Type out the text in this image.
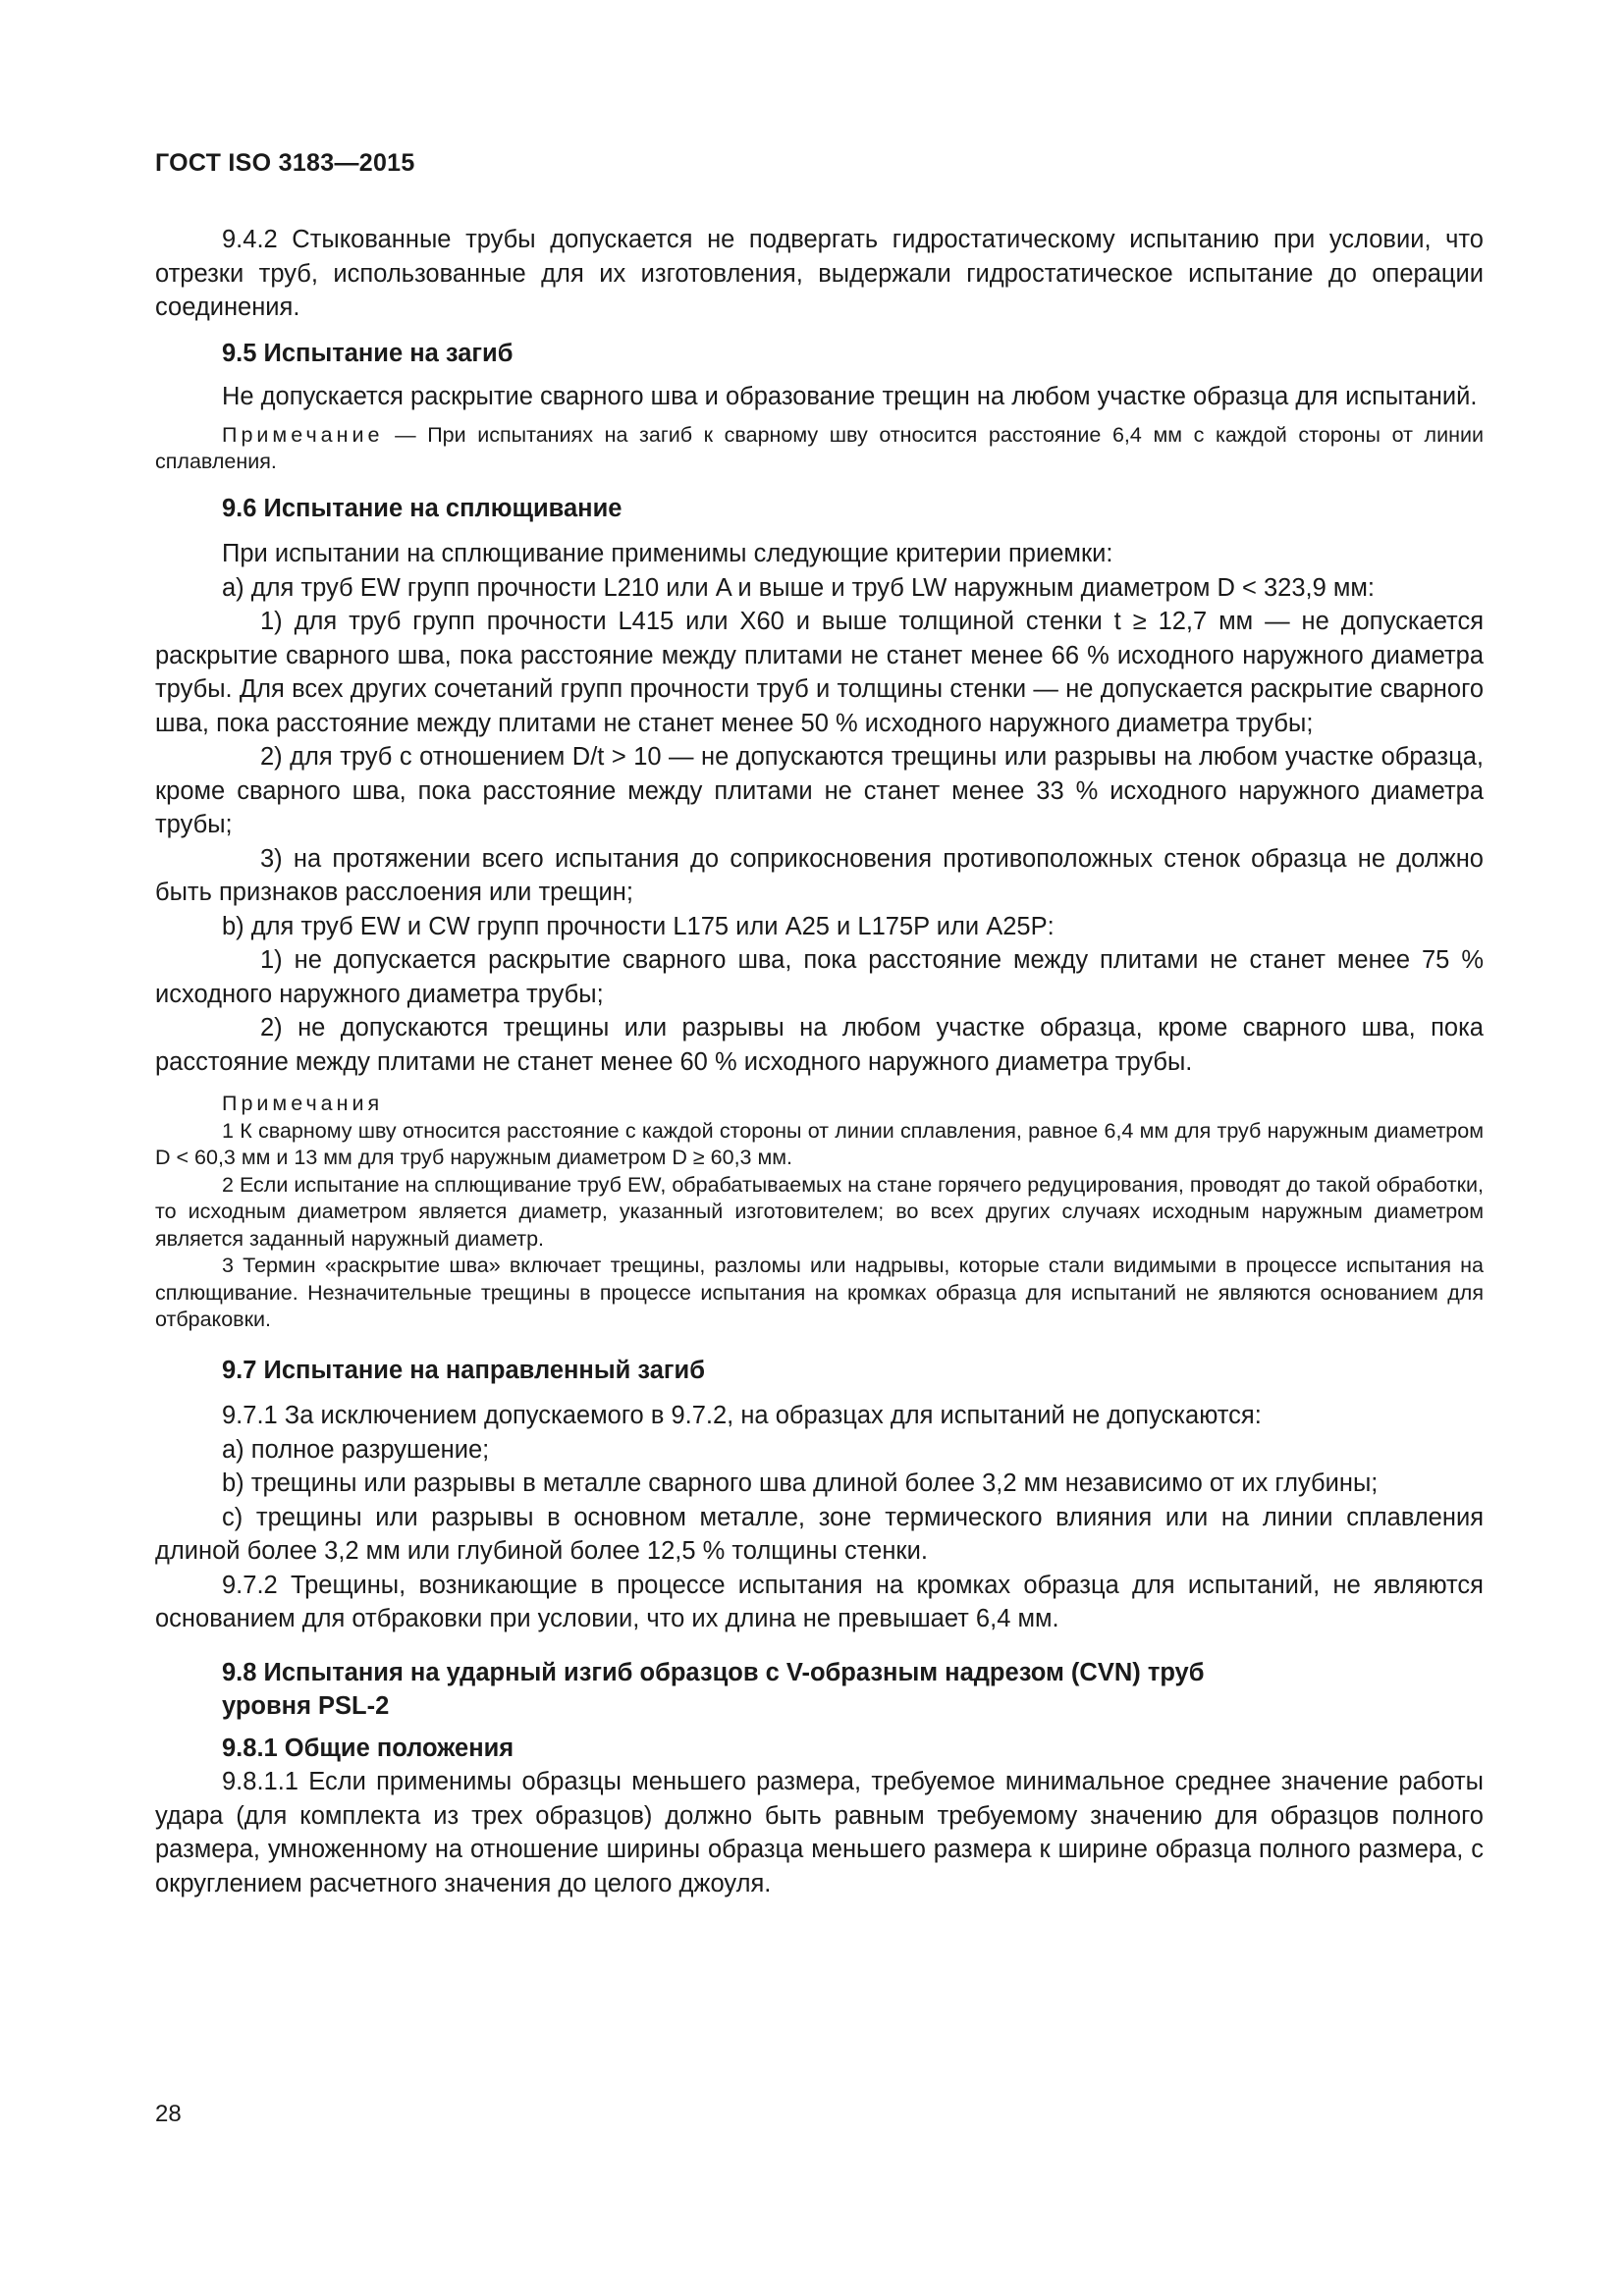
ГОСТ ISO 3183—2015

9.4.2 Стыкованные трубы допускается не подвергать гидростатическому испытанию при условии, что отрезки труб, использованные для их изготовления, выдержали гидростатическое испытание до операции соединения.

9.5 Испытание на загиб

Не допускается раскрытие сварного шва и образование трещин на любом участке образца для испытаний.

Примечание — При испытаниях на загиб к сварному шву относится расстояние 6,4 мм с каждой стороны от линии сплавления.

9.6 Испытание на сплющивание

При испытании на сплющивание применимы следующие критерии приемки:

a) для труб EW групп прочности L210 или A и выше и труб LW наружным диаметром D < 323,9 мм:

1) для труб групп прочности L415 или X60 и выше толщиной стенки t ≥ 12,7 мм — не допускается раскрытие сварного шва, пока расстояние между плитами не станет менее 66 % исходного наружного диаметра трубы. Для всех других сочетаний групп прочности труб и толщины стенки — не допускается раскрытие сварного шва, пока расстояние между плитами не станет менее 50 % исходного наружного диаметра трубы;

2) для труб с отношением D/t > 10 — не допускаются трещины или разрывы на любом участке образца, кроме сварного шва, пока расстояние между плитами не станет менее 33 % исходного наружного диаметра трубы;

3) на протяжении всего испытания до соприкосновения противоположных стенок образца не должно быть признаков расслоения или трещин;

b) для труб EW и CW групп прочности L175 или A25 и L175P или A25P:

1) не допускается раскрытие сварного шва, пока расстояние между плитами не станет менее 75 % исходного наружного диаметра трубы;

2) не допускаются трещины или разрывы на любом участке образца, кроме сварного шва, пока расстояние между плитами не станет менее 60 % исходного наружного диаметра трубы.

Примечания

1 К сварному шву относится расстояние с каждой стороны от линии сплавления, равное 6,4 мм для труб наружным диаметром D < 60,3 мм и 13 мм для труб наружным диаметром D ≥ 60,3 мм.

2 Если испытание на сплющивание труб EW, обрабатываемых на стане горячего редуцирования, проводят до такой обработки, то исходным диаметром является диаметр, указанный изготовителем; во всех других случаях исходным наружным диаметром является заданный наружный диаметр.

3 Термин «раскрытие шва» включает трещины, разломы или надрывы, которые стали видимыми в процессе испытания на сплющивание. Незначительные трещины в процессе испытания на кромках образца для испытаний не являются основанием для отбраковки.

9.7 Испытание на направленный загиб

9.7.1 За исключением допускаемого в 9.7.2, на образцах для испытаний не допускаются:

a) полное разрушение;

b) трещины или разрывы в металле сварного шва длиной более 3,2 мм независимо от их глубины;

c) трещины или разрывы в основном металле, зоне термического влияния или на линии сплавления длиной более 3,2 мм или глубиной более 12,5 % толщины стенки.

9.7.2 Трещины, возникающие в процессе испытания на кромках образца для испытаний, не являются основанием для отбраковки при условии, что их длина не превышает 6,4 мм.

9.8 Испытания на ударный изгиб образцов с V-образным надрезом (CVN) труб

уровня PSL-2

9.8.1 Общие положения

9.8.1.1 Если применимы образцы меньшего размера, требуемое минимальное среднее значение работы удара (для комплекта из трех образцов) должно быть равным требуемому значению для образцов полного размера, умноженному на отношение ширины образца меньшего размера к ширине образца полного размера, с округлением расчетного значения до целого джоуля.

28
